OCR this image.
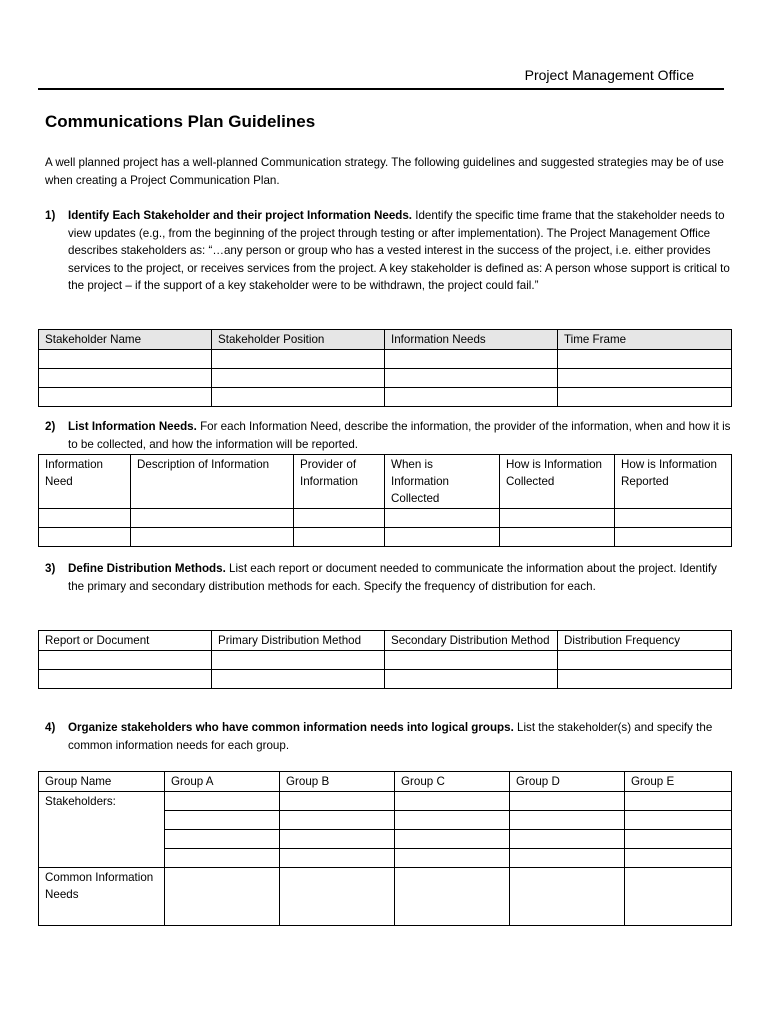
Project Management Office
Communications Plan Guidelines
A well planned project has a well-planned Communication strategy. The following guidelines and suggested strategies may be of use when creating a Project Communication Plan.
1) Identify Each Stakeholder and their project Information Needs. Identify the specific time frame that the stakeholder needs to view updates (e.g., from the beginning of the project through testing or after implementation). The Project Management Office describes stakeholders as: “…any person or group who has a vested interest in the success of the project, i.e. either provides services to the project, or receives services from the project. A key stakeholder is defined as: A person whose support is critical to the project – if the support of a key stakeholder were to be withdrawn, the project could fail.”
Stakeholder Name	Stakeholder Position	Information Needs	Time Frame

2) List Information Needs. For each Information Need, describe the information, the provider of the information, when and how it is to be collected, and how the information will be reported.
Information Need	Description of Information	Provider of Information	When is Information Collected	How is Information Collected	How is Information Reported

3) Define Distribution Methods. List each report or document needed to communicate the information about the project. Identify the primary and secondary distribution methods for each. Specify the frequency of distribution for each.
Report or Document	Primary Distribution Method	Secondary Distribution Method	Distribution Frequency

4) Organize stakeholders who have common information needs into logical groups. List the stakeholder(s) and specify the common information needs for each group.
Group Name	Group A	Group B	Group C	Group D	Group E
Stakeholders:					

Common Information Needs					
